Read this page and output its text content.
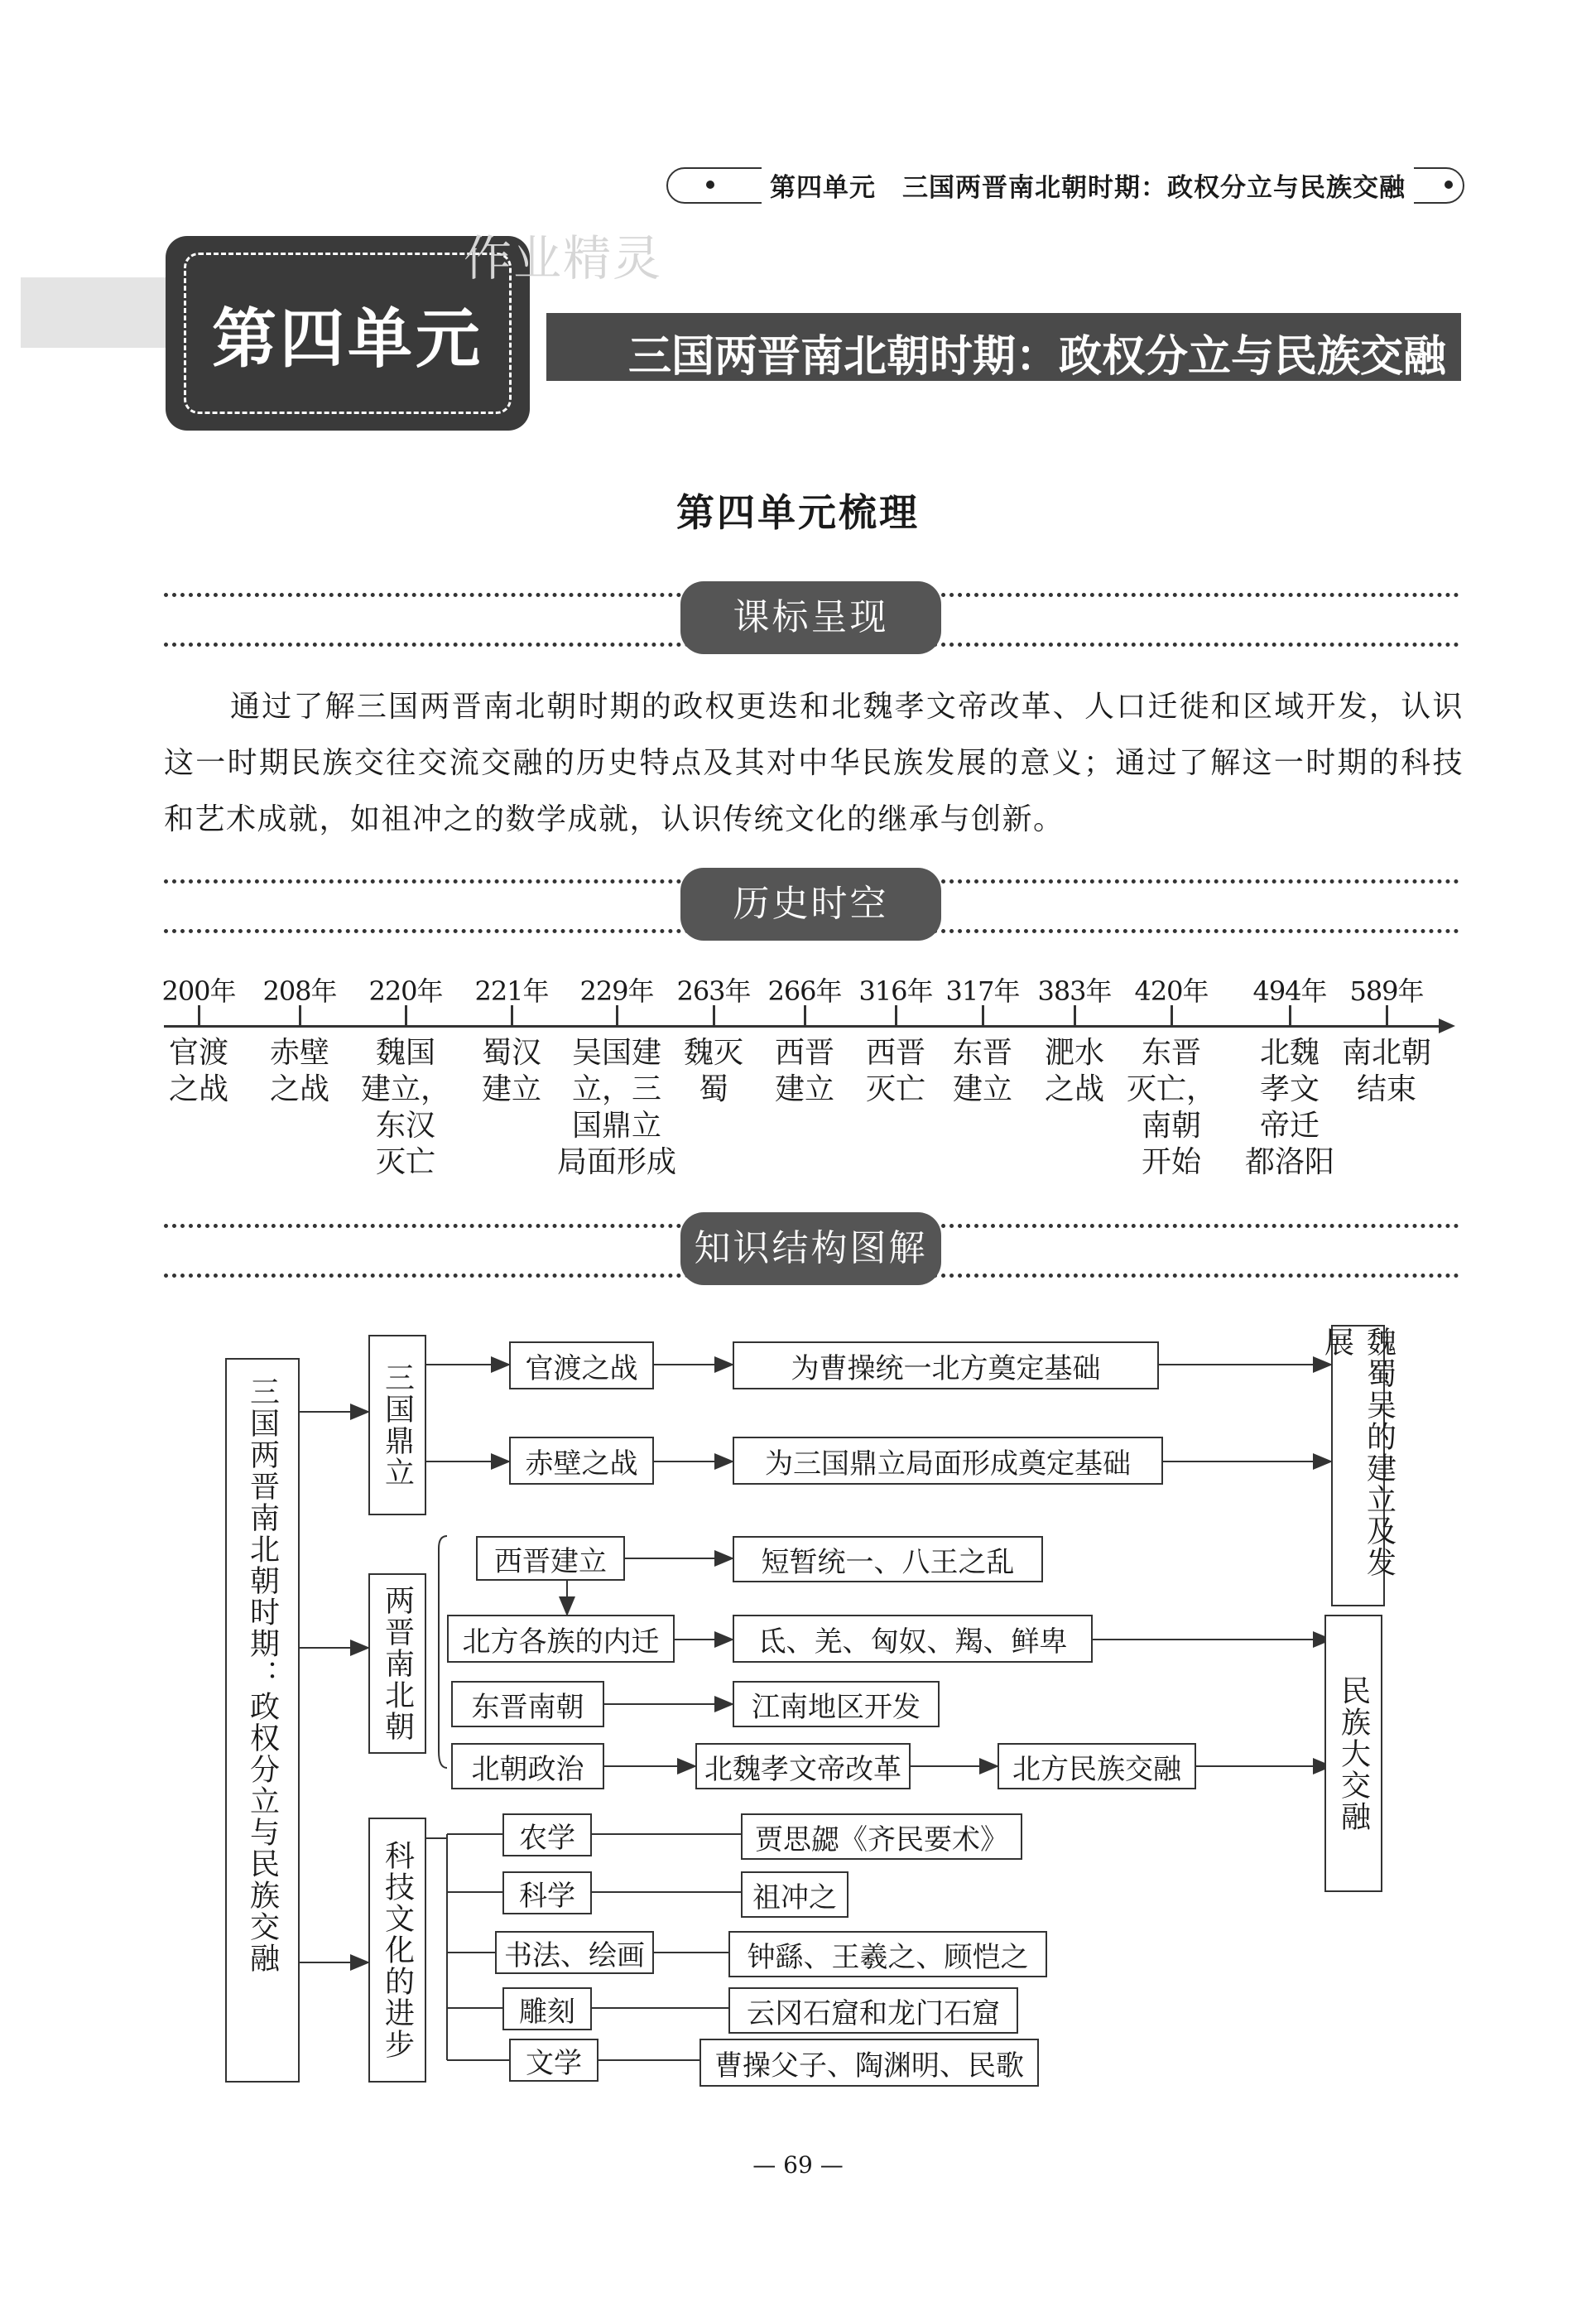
第四单元　三国两晋南北朝时期：政权分立与民族交融
三国两晋南北朝时期：政权分立与民族交融
第四单元
作业精灵
第四单元梳理
课标呈现

通过了解三国两晋南北朝时期的政权更迭和北魏孝文帝改革、人口迁徙和区域开发，认识这一时期民族交往交流交融的历史特点及其对中华民族发展的意义；通过了解这一时期的科技和艺术成就，如祖冲之的数学成就，认识传统文化的继承与创新。

历史时空
200年
官渡
之战
208年
赤壁
之战
220年
魏国
建立，
东汉
灭亡
221年
蜀汉
建立
229年
吴国建
立，三
国鼎立
局面形成
263年
魏灭
蜀
266年
西晋
建立
316年
西晋
灭亡
317年
东晋
建立
383年
淝水
之战
420年
东晋
灭亡，
南朝
开始
494年
北魏
孝文
帝迁
都洛阳
589年
南北朝
结束
知识结构图解
三国两晋南北朝时期：政权分立与民族交融	三国鼎立
两晋南北朝
科技文化的进步
官渡之战
赤壁之战
为曹操统一北方奠定基础
为三国鼎立局面形成奠定基础	魏蜀吴的建立及发展
西晋建立	短暂统一、八王之乱
北方各族的内迁	氐、羌、匈奴、羯、鲜卑
东晋南朝	江南地区开发
北朝政治	北魏孝文帝改革	北方民族交融	民族大交融
农学	贾思勰《齐民要术》
科学	祖冲之
书法、绘画	钟繇、王羲之、顾恺之
雕刻	云冈石窟和龙门石窟
文学	曹操父子、陶渊明、民歌
— 69 —
